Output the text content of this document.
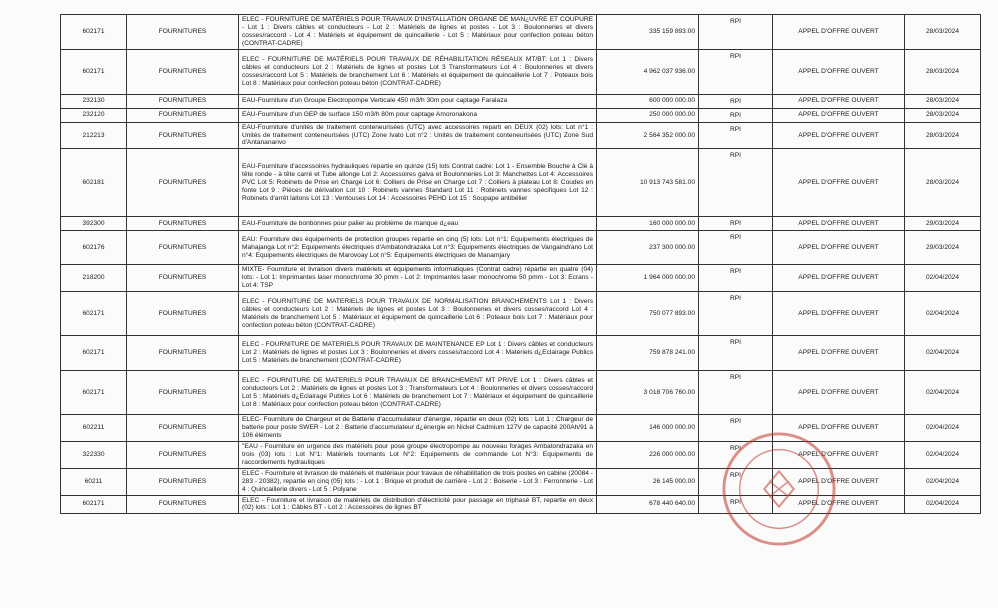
602171	FOURNITURES	ELEC - FOURNITURE DE MATÉRIELS POUR TRAVAUX D'INSTALLATION ORGANE DE MAN¿UVRE ET COUPURE - Lot 1 : Divers câbles et conducteurs - Lot 2 : Matériels de lignes et postes - Lot 3 : Boulonneries et divers cosses/raccord - Lot 4 : Matériels et équipement de quincaillerie - Lot 5 : Matériaux pour confection poteau béton (CONTRAT-CADRE)	335 159 893.00	RPI	APPEL D'OFFRE OUVERT	28/03/2024
602171	FOURNITURES	ELEC - FOURNITURE DE MATÉRIELS POUR TRAVAUX DE RÉHABILITATION RÉSEAUX MT/BT: Lot 1 : Divers câbles et conducteurs Lot 2 : Matériels de lignes et postes Lot 3 Transformateurs Lot 4 : Boulonneries et divers cosses/raccord Lot 5 : Matériels de branchement Lot 6 : Matériels et équipement de quincaillerie Lot 7 : Poteaux bois Lot 8 : Matériaux pour confection poteau béton (CONTRAT-CADRE)	4 962 037 936.00	RPI	APPEL D'OFFRE OUVERT	28/03/2024
232130	FOURNITURES	EAU-Fourniture d'un Groupe Electropompe Verticale 450 m3/h 30m pour captage Faralaza	600 000 000.00	RPI	APPEL D'OFFRE OUVERT	28/03/2024
232120	FOURNITURES	EAU-Fourniture d'un GEP de surface 150 m3/h 80m pour captage Amoronakona	250 000 000.00	RPI	APPEL D'OFFRE OUVERT	28/03/2024
212213	FOURNITURES	EAU-Fourniture d'unités de traitement conteneurisées (UTC) avec accessoires reparti en DEUX (02) lots: Lot n°1 : Unités de traitement conteneurisées (UTC) Zone Ivato Lot n°2 : Unités de traitement conteneurisées (UTC) Zone Sud d'Antananarivo	2 564 352 000.00	RPI	APPEL D'OFFRE OUVERT	28/03/2024
602181	FOURNITURES	EAU-Fourniture d'accessoires hydrauliques repartie en quinze (15) lots Contrat cadre: Lot 1 - Ensemble Bouche à Clé à tête ronde - à tête carré et Tube allonge Lot 2: Accessoires galva et Boulonneries Lot 3: Manchettes Lot 4: Accessoires PVC Lot 5: Robinets de Prise en Charge Lot 6: Colliers de Prise en Charge Lot 7 : Colliers à plateau Lot 8: Coudes en fonte Lot 9 : Pièces de dérivation Lot 10 : Robinets vannes Standard Lot 11 : Robinets vannes spécifiques Lot 12 : Robinets d'arrêt laitons Lot 13 : Ventouses Lot 14 : Accessoires PEHD Lot 15 : Soupape antibélier	10 913 743 581.00	RPI	APPEL D'OFFRE OUVERT	28/03/2024
392300	FOURNITURES	EAU-Fourniture de bonbonnes pour palier au problème de manque d¿eau	160 000 000.00	RPI	APPEL D'OFFRE OUVERT	29/03/2024
602176	FOURNITURES	EAU: Fourniture des équipements de protection groupes repartie en cinq (5) lots: Lot n°1: Equipements électriques de Mahajanga Lot n°2: Equipements électriques d'Ambatondrazaka Lot n°3: Equipements électriques de Vangaindrano Lot n°4: Equipements électriques de Marovoay Lot n°5: Equipements électriques de Manamjary	237 300 000.00	RPI	APPEL D'OFFRE OUVERT	29/03/2024
218200	FOURNITURES	MIXTE- Fourniture et livraison divers matériels et équipements informatiques (Contrat cadre) répartie en quatre (04) lots: - Lot 1: Imprimantes laser monochrome 30 pmm - Lot 2: Imprimantes laser monochrome 50 pmm - Lot 3: Ecrans - Lot 4: TSP	1 964 000 000.00	RPI	APPEL D'OFFRE OUVERT	02/04/2024
602171	FOURNITURES	ELEC - FOURNITURE DE MATERIELS POUR TRAVAUX DE NORMALISATION BRANCHEMENTS Lot 1 : Divers câbles et conducteurs Lot 2 : Matériels de lignes et postes Lot 3 : Boulonneries et divers cosses/raccord Lot 4 : Matériels de branchement Lot 5 : Matériaux et équipement de quincaillerie Lot 6 : Poteaux bois Lot 7 : Matériaux pour confection poteau béton (CONTRAT-CADRE)	750 077 893.00	RPI	APPEL D'OFFRE OUVERT	02/04/2024
602171	FOURNITURES	ELEC - FOURNITURE DE MATERIELS POUR TRAVAUX DE MAINTENANCE EP Lot 1 : Divers câbles et conducteurs Lot 2 : Matériels de lignes et postes Lot 3 : Boulonneries et divers cosses/raccord Lot 4 : Matériels d¿Eclairage Publics Lot 5 : Matériels de branchement (CONTRAT-CADRE)	759 878 241.00	RPI	APPEL D'OFFRE OUVERT	02/04/2024
602171	FOURNITURES	ELEC - FOURNITURE DE MATERIELS POUR TRAVAUX DE BRANCHEMENT MT PRIVE Lot 1 : Divers câbles et conducteurs Lot 2 : Matériels de lignes et postes Lot 3 : Transformateurs Lot 4 : Boulonneries et divers cosses/raccord Lot 5 : Matériels d¿Eclairage Publics Lot 6 : Matériels de branchement Lot 7 : Matériaux et équipement de quincaillerie Lot 8 : Matériaux pour confection poteau béton (CONTRAT-CADRE)	3 018 706 760.00	RPI	APPEL D'OFFRE OUVERT	02/04/2024
602211	FOURNITURES	ELEC- Fourniture de Chargeur et de Batterie d'accumulateur d'énergie, répartie en deux (02) lots : Lot 1 : Chargeur de batterie pour poste SWER - Lot 2 : Batterie d'accumulateur d¿énergie en Nickel Cadmium 127V de capacité 200Ah/91 à 106 éléments	146 000 000.00	RPI	APPEL D'OFFRE OUVERT	02/04/2024
322330	FOURNITURES	"EAU - Fourniture en urgence des matériels pour pose groupe électropompe au nouveau forages Ambatondrazaka en trois (03) lots : Lot N°1: Matériels tournants Lot N°2: Equipements de commande Lot N°3: Equipements de raccordements hydrauliques	226 000 000.00	RPI	APPEL D'OFFRE OUVERT	02/04/2024
60211	FOURNITURES	ELEC - Fourniture et livraison de matériels et matériaux pour travaux de réhabilitation de trois postes en cabine (20084 - 283 - 20382), repartie en cinq (05) lots : - Lot 1 : Brique et produit de carrière - Lot 2 : Boiserie - Lot 3 : Ferronnerie - Lot 4 : Quincaillerie divers - Lot 5 : Polyane	26 145 000.00	RPI	APPEL D'OFFRE OUVERT	02/04/2024
602171	FOURNITURES	ELEC - Fourniture et livraison de matériels de distribution d'électricité pour passage en triphasé BT, repartie en deux (02) lots : Lot 1 : Câbles BT - Lot 2 : Accessoires de lignes BT	678 440 640.00	RPI	APPEL D'OFFRE OUVERT	02/04/2024
